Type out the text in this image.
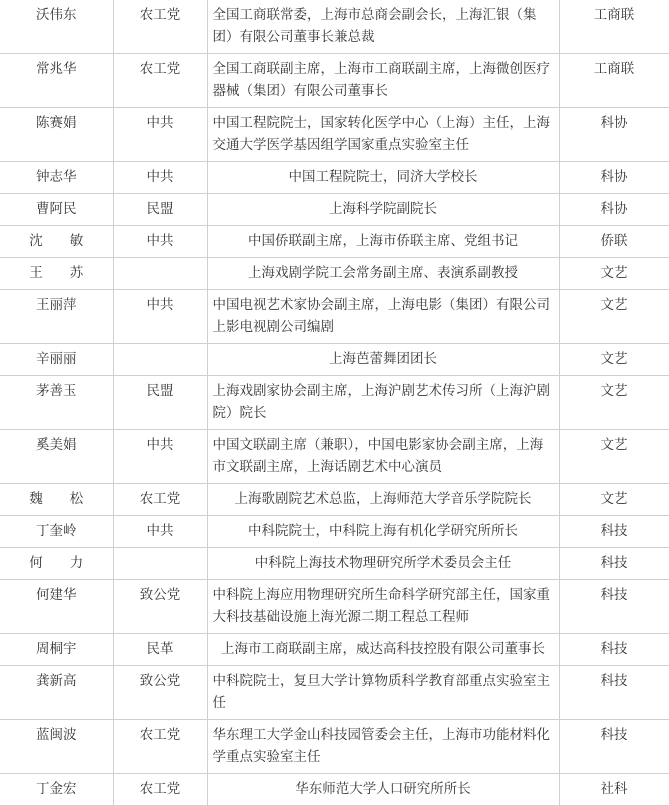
沃伟东	农工党	全国工商联常委，上海市总商会副会长，上海汇银（集团）有限公司董事长兼总裁	工商联
常兆华	农工党	全国工商联副主席，上海市工商联副主席，上海微创医疗器械（集团）有限公司董事长	工商联
陈赛娟	中共	中国工程院院士，国家转化医学中心（上海）主任，上海交通大学医学基因组学国家重点实验室主任	科协
钟志华	中共	中国工程院院士，同济大学校长	科协
曹阿民	民盟	上海科学院副院长	科协
沈　　敏	中共	中国侨联副主席，上海市侨联主席、党组书记	侨联
王　　苏		上海戏剧学院工会常务副主席、表演系副教授	文艺
王丽萍	中共	中国电视艺术家协会副主席，上海电影（集团）有限公司上影电视剧公司编剧	文艺
辛丽丽		上海芭蕾舞团团长	文艺
茅善玉	民盟	上海戏剧家协会副主席，上海沪剧艺术传习所（上海沪剧院）院长	文艺
奚美娟	中共	中国文联副主席（兼职），中国电影家协会副主席，上海市文联副主席，上海话剧艺术中心演员	文艺
魏　　松	农工党	上海歌剧院艺术总监，上海师范大学音乐学院院长	文艺
丁奎岭	中共	中科院院士，中科院上海有机化学研究所所长	科技
何　　力		中科院上海技术物理研究所学术委员会主任	科技
何建华	致公党	中科院上海应用物理研究所生命科学研究部主任，国家重大科技基础设施上海光源二期工程总工程师	科技
周桐宇	民革	上海市工商联副主席，威达高科技控股有限公司董事长	科技
龚新高	致公党	中科院院士，复旦大学计算物质科学教育部重点实验室主任	科技
蓝闽波	农工党	华东理工大学金山科技园管委会主任，上海市功能材料化学重点实验室主任	科技
丁金宏	农工党	华东师范大学人口研究所所长	社科
